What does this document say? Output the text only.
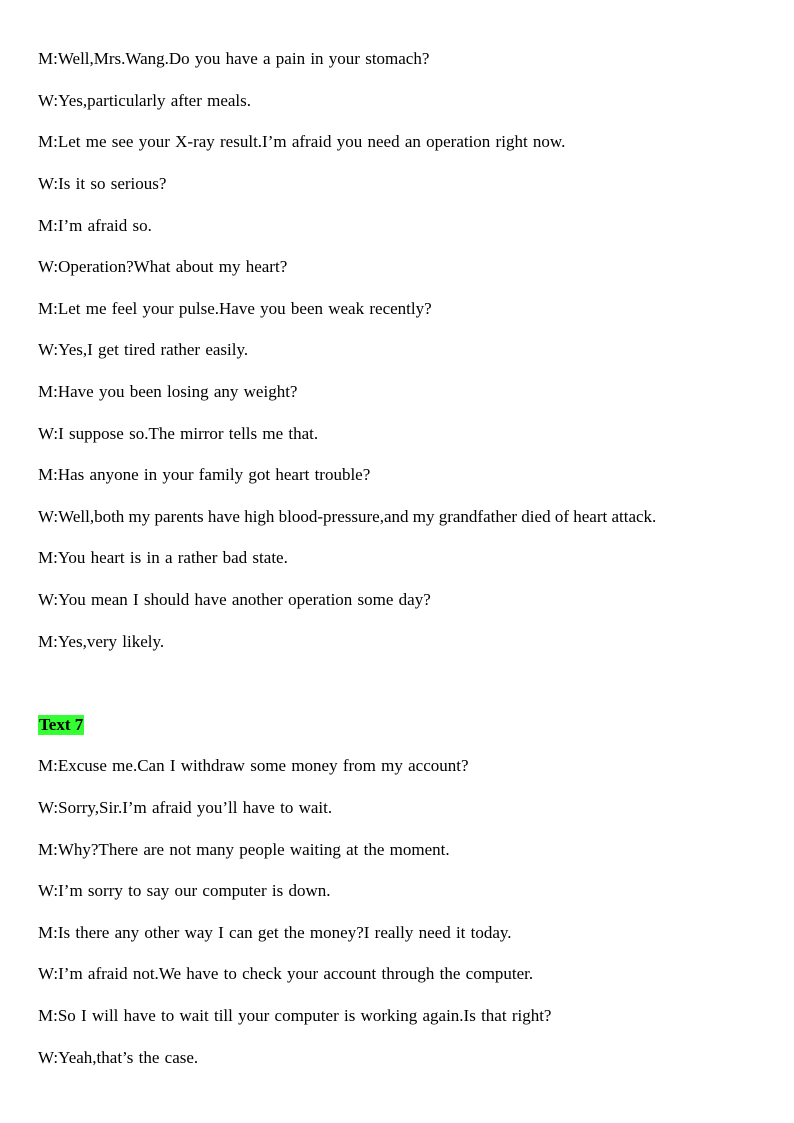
M:Well,Mrs.Wang.Do you have a pain in your stomach?
W:Yes,particularly after meals.
M:Let me see your X-ray result.I’m afraid you need an operation right now.
W:Is it so serious?
M:I’m afraid so.
W:Operation?What about my heart?
M:Let me feel your pulse.Have you been weak recently?
W:Yes,I get tired rather easily.
M:Have you been losing any weight?
W:I suppose so.The mirror tells me that.
M:Has anyone in your family got heart trouble?
W:Well,both my parents have high blood-pressure,and my grandfather died of heart attack.
M:You heart is in a rather bad state.
W:You mean I should have another operation some day?
M:Yes,very likely.
Text 7
M:Excuse me.Can I withdraw some money from my account?
W:Sorry,Sir.I’m afraid you’ll have to wait.
M:Why?There are not many people waiting at the moment.
W:I’m sorry to say our computer is down.
M:Is there any other way I can get the money?I really need it today.
W:I’m afraid not.We have to check your account through the computer.
M:So I will have to wait till your computer is working again.Is that right?
W:Yeah,that’s the case.
